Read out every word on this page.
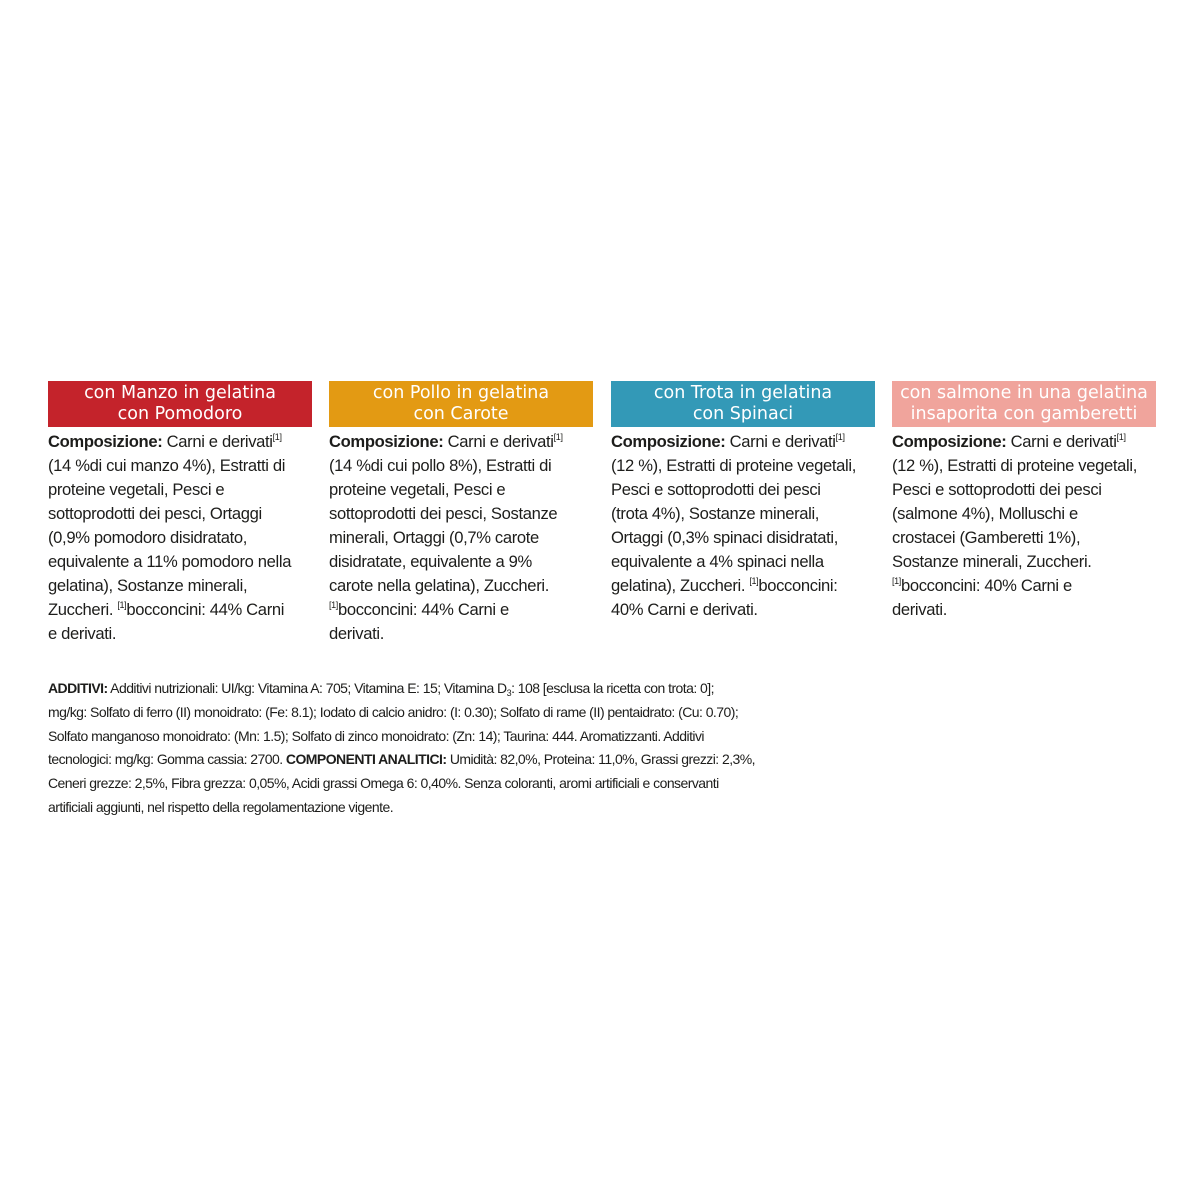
con Manzo in gelatina
con Pomodoro
Composizione: Carni e derivati[1]
(14 %di cui manzo 4%), Estratti di
proteine vegetali, Pesci e
sottoprodotti dei pesci, Ortaggi
(0,9% pomodoro disidratato,
equivalente a 11% pomodoro nella
gelatina), Sostanze minerali,
Zuccheri. [1]bocconcini: 44% Carni
e derivati.
con Pollo in gelatina
con Carote
Composizione: Carni e derivati[1]
(14 %di cui pollo 8%), Estratti di
proteine vegetali, Pesci e
sottoprodotti dei pesci, Sostanze
minerali, Ortaggi (0,7% carote
disidratate, equivalente a 9%
carote nella gelatina), Zuccheri.
[1]bocconcini: 44% Carni e
derivati.
con Trota in gelatina
con Spinaci
Composizione: Carni e derivati[1]
(12 %), Estratti di proteine vegetali,
Pesci e sottoprodotti dei pesci
(trota 4%), Sostanze minerali,
Ortaggi (0,3% spinaci disidratati,
equivalente a 4% spinaci nella
gelatina), Zuccheri. [1]bocconcini:
40% Carni e derivati.
con salmone in una gelatina
insaporita con gamberetti
Composizione: Carni e derivati[1]
(12 %), Estratti di proteine vegetali,
Pesci e sottoprodotti dei pesci
(salmone 4%), Molluschi e
crostacei (Gamberetti 1%),
Sostanze minerali, Zuccheri.
[1]bocconcini: 40% Carni e
derivati.
ADDITIVI: Additivi nutrizionali: UI/kg: Vitamina A: 705; Vitamina E: 15; Vitamina $D_3$: 108 [esclusa la ricetta con trota: 0];
mg/kg: Solfato di ferro (II) monoidrato: (Fe: 8.1); Iodato di calcio anidro: (I: 0.30); Solfato di rame (II) pentaidrato: (Cu: 0.70);
Solfato manganoso monoidrato: (Mn: 1.5); Solfato di zinco monoidrato: (Zn: 14); Taurina: 444. Aromatizzanti. Additivi
tecnologici: mg/kg: Gomma cassia: 2700. COMPONENTI ANALITICI: Umidità: 82,0%, Proteina: 11,0%, Grassi grezzi: 2,3%,
Ceneri grezze: 2,5%, Fibra grezza: 0,05%, Acidi grassi Omega 6: 0,40%. Senza coloranti, aromi artificiali e conservanti
artificiali aggiunti, nel rispetto della regolamentazione vigente.
